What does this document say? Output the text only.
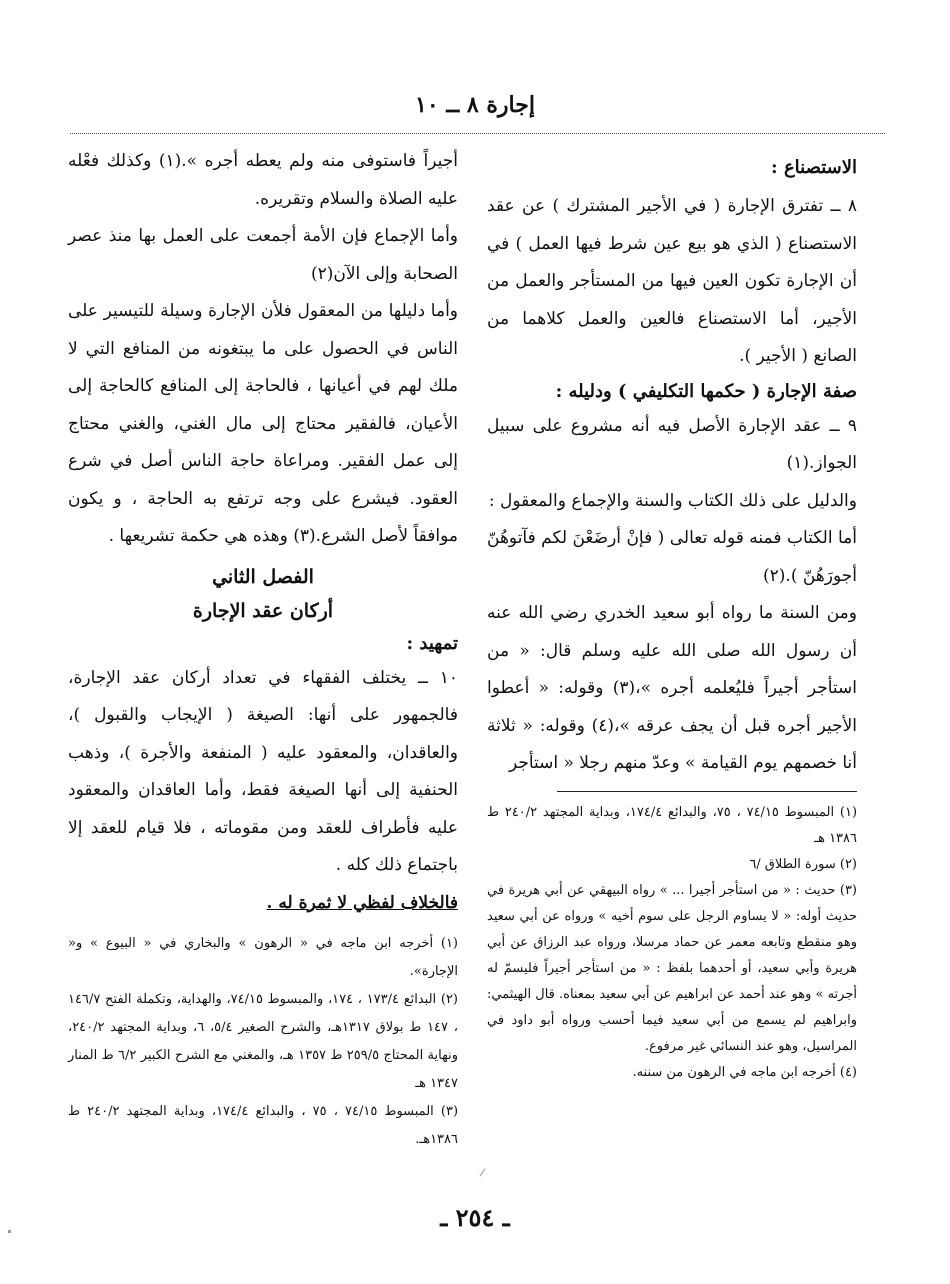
إجارة ٨ ــ ١٠

الاستصناع :

٨ ــ تفترق الإجارة ( في الأجير المشترك ) عن عقد الاستصناع ( الذي هو بيع عين شرط فيها العمل ) في أن الإجارة تكون العين فيها من المستأجر والعمل من الأجير، أما الاستصناع فالعين والعمل كلاهما من الصانع ( الأجير ).

صفة الإجارة ( حكمها التكليفي ) ودليله :

٩ ــ عقد الإجارة الأصل فيه أنه مشروع على سبيل الجواز.(١)

والدليل على ذلك الكتاب والسنة والإجماع والمعقول :

أما الكتاب فمنه قوله تعالى ( فإنْ أرضَعْنَ لكم فآتوهُنّ أجورَهُنّ ).(٢)

ومن السنة ما رواه أبو سعيد الخدري رضي الله عنه أن رسول الله صلى الله عليه وسلم قال: « من استأجر أجيراً فليُعلمه أجره »،(٣) وقوله: « أعطوا الأجير أجره قبل أن يجف عرقه »،(٤) وقوله: « ثلاثة أنا خصمهم يوم القيامة » وعدّ منهم رجلا « استأجر

(١) المبسوط ٧٤/١٥ ، ٧٥، والبدائع ١٧٤/٤، وبداية المجتهد ٢٤٠/٢ ط ١٣٨٦ هـ

(٢) سورة الطلاق /٦

(٣) حديث : « من استأجر أجيرا ... » رواه البيهقي عن أبي هريرة في حديث أوله: « لا يساوم الرجل على سوم أخيه » ورواه عن أبي سعيد وهو منقطع وتابعه معمر عن حماد مرسلا، ورواه عبد الرزاق عن أبي هريرة وأبي سعيد، أو أحدهما بلفظ : « من استأجر أجيراً فليسمّ له أجرته » وهو عند أحمد عن ابراهيم عن أبي سعيد بمعناه. قال الهيثمي: وابراهيم لم يسمع من أبي سعيد فيما أحسب ورواه أبو داود في المراسيل، وهو عند النسائي غير مرفوع.

(٤) أخرجه ابن ماجه في الرهون من سننه.

أجيراً فاستوفى منه ولم يعطه أجره ».(١) وكذلك فعْله عليه الصلاة والسلام وتقريره.

وأما الإجماع فإن الأمة أجمعت على العمل بها منذ عصر الصحابة وإلى الآن(٢)

وأما دليلها من المعقول فلأن الإجارة وسيلة للتيسير على الناس في الحصول على ما يبتغونه من المنافع التي لا ملك لهم في أعيانها ، فالحاجة إلى المنافع كالحاجة إلى الأعيان، فالفقير محتاج إلى مال الغني، والغني محتاج إلى عمل الفقير. ومراعاة حاجة الناس أصل في شرع العقود. فيشرع على وجه ترتفع به الحاجة ، و يكون موافقاً لأصل الشرع.(٣) وهذه هي حكمة تشريعها .

الفصل الثاني

أركان عقد الإجارة

تمهيد :

١٠ ــ يختلف الفقهاء في تعداد أركان عقد الإجارة، فالجمهور على أنها: الصيغة ( الإيجاب والقبول )، والعاقدان، والمعقود عليه ( المنفعة والأجرة )، وذهب الحنفية إلى أنها الصيغة فقط، وأما العاقدان والمعقود عليه فأطراف للعقد ومن مقوماته ، فلا قيام للعقد إلا باجتماع ذلك كله .

فالخلاف لفظي لا ثمرة له .

(١) أخرجه ابن ماجه في « الرهون » والبخاري في « البيوع » و« الإجارة».

(٢) البدائع ١٧٣/٤ ، ١٧٤، والمبسوط ٧٤/١٥، والهداية، وتكملة الفتح ١٤٦/٧ ، ١٤٧ ط بولاق ١٣١٧هـ، والشرح الصغير ٥/٤، ٦، وبداية المجتهد ٢٤٠/٢، ونهاية المحتاج ٢٥٩/٥ ط ١٣٥٧ هـ، والمغني مع الشرح الكبير ٦/٢ ط المنار ١٣٤٧ هـ

(٣) المبسوط ٧٤/١٥ ، ٧٥ ، والبدائع ١٧٤/٤، وبداية المجتهد ٢٤٠/٢ ط ١٣٨٦هـ.

ـ ٢٥٤ ـ
